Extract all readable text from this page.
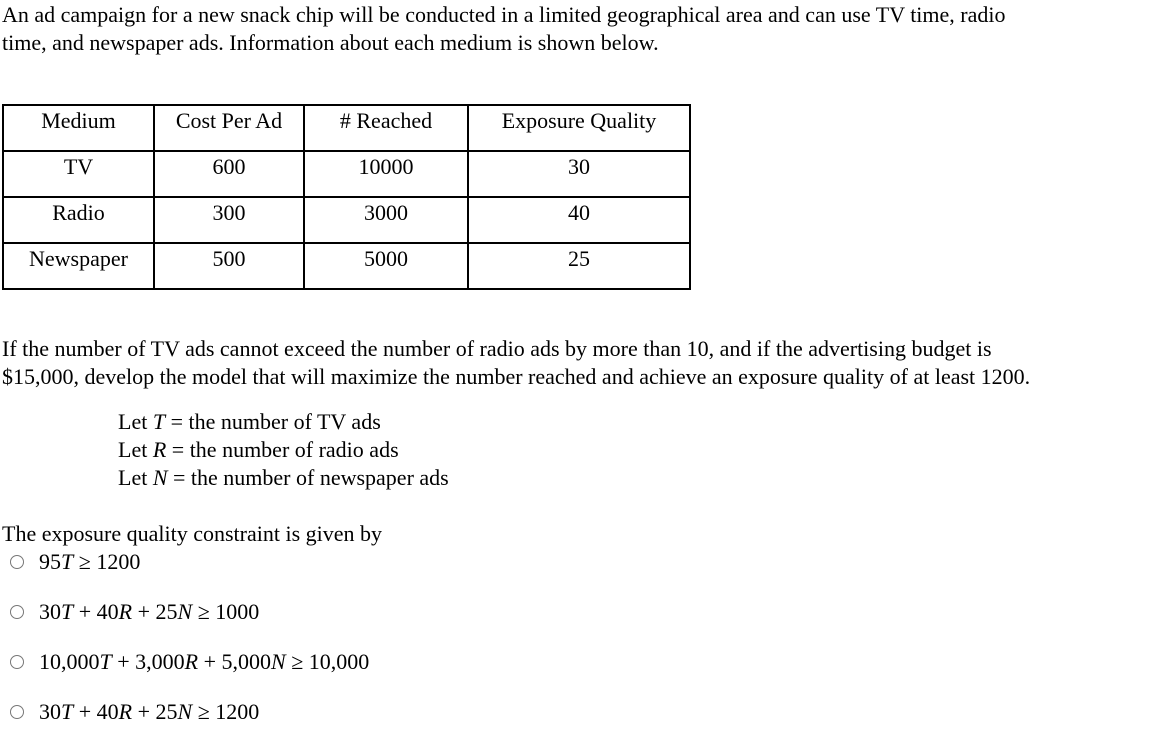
An ad campaign for a new snack chip will be conducted in a limited geographical area and can use TV time, radio
time, and newspaper ads. Information about each medium is shown below.

Medium	Cost Per Ad	# Reached	Exposure Quality

TV	600	10000	30

Radio	300	3000	40

Newspaper	500	5000	25

If the number of TV ads cannot exceed the number of radio ads by more than 10, and if the advertising budget is
$15,000, develop the model that will maximize the number reached and achieve an exposure quality of at least 1200.

Let T = the number of TV ads
Let R = the number of radio ads
Let N = the number of newspaper ads
The exposure quality constraint is given by
95T ≥ 1200
30T + 40R + 25N ≥ 1000
10,000T + 3,000R + 5,000N ≥ 10,000
30T + 40R + 25N ≥ 1200
